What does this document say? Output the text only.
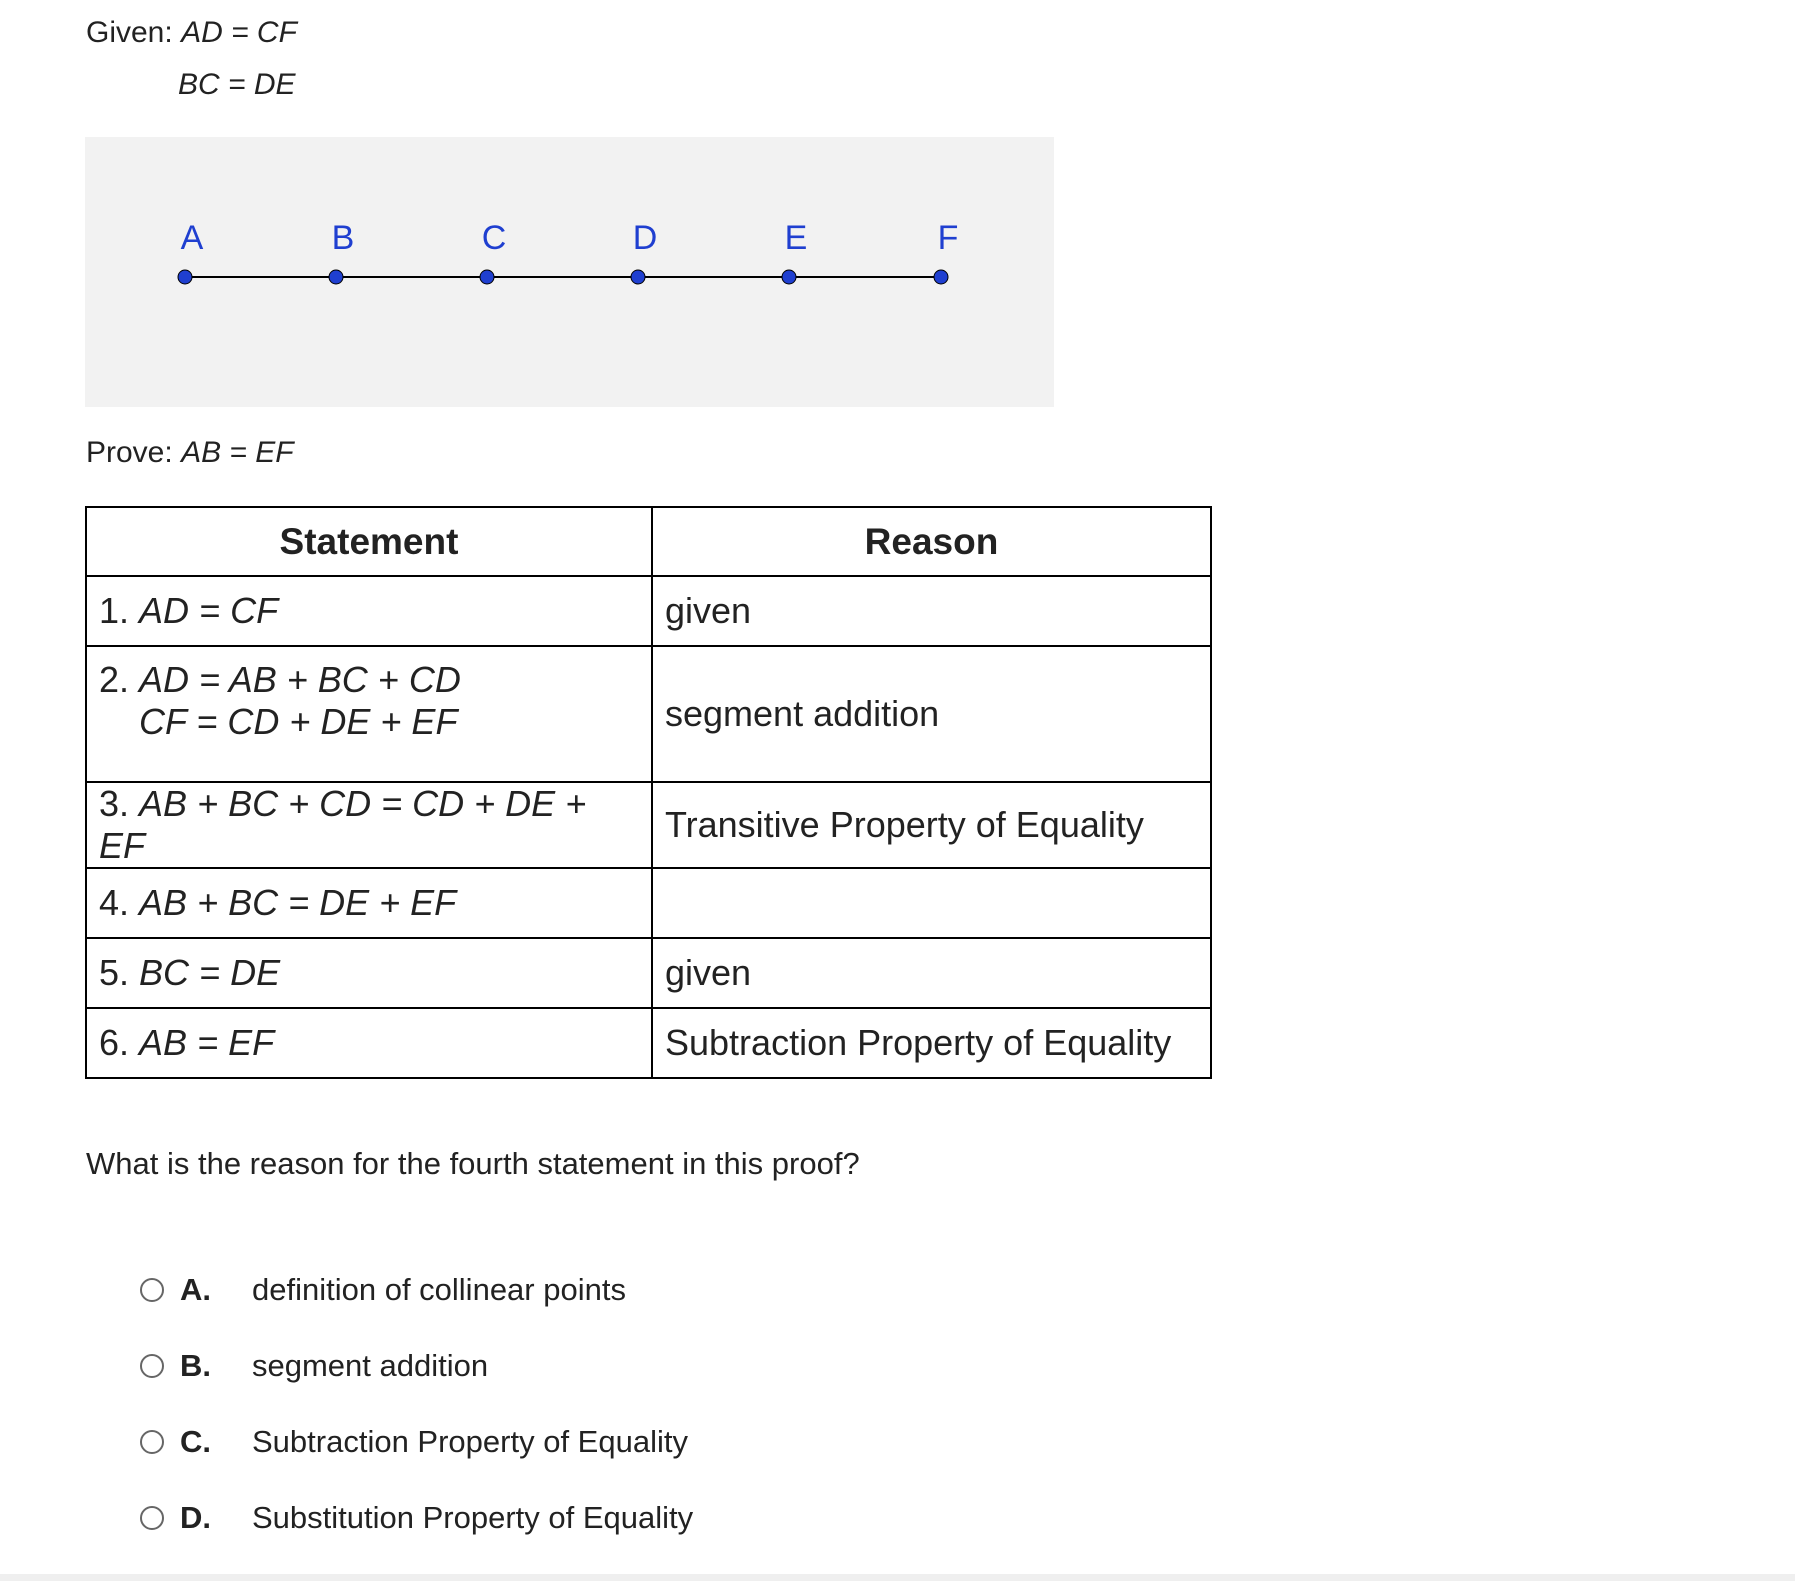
Given: AD = CF
BC = DE
A	B	C	D	E	F
Prove: AB = EF
Statement	Reason
1. AD = CF	given
2. AD = AB + BC + CD
CF = CD + DE + EF	segment addition
3. AB + BC + CD = CD + DE + EF	Transitive Property of Equality
4. AB + BC = DE + EF	
5. BC = DE	given
6. AB = EF	Subtraction Property of Equality
What is the reason for the fourth statement in this proof?
A.	definition of collinear points
B.	segment addition
C.	Subtraction Property of Equality
D.	Substitution Property of Equality
